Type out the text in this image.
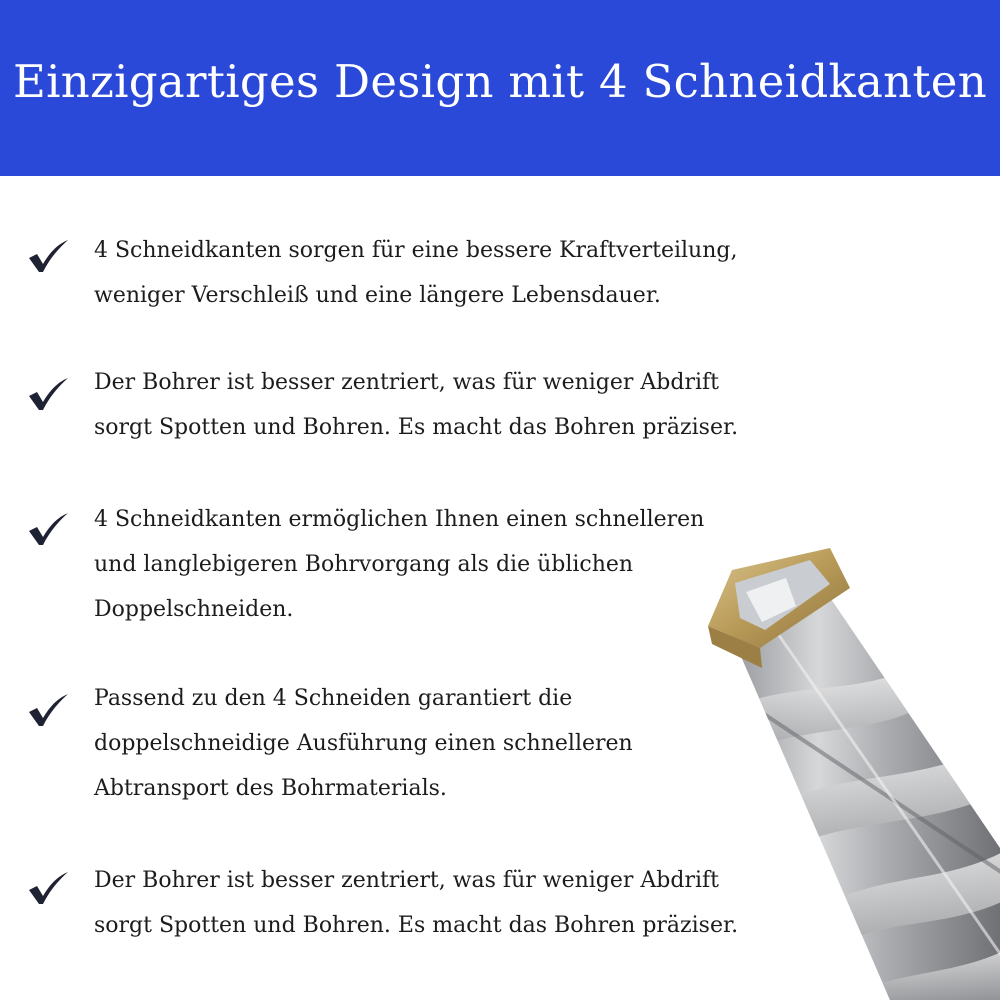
Einzigartiges Design mit 4 Schneidkanten
4 Schneidkanten sorgen für eine bessere Kraftverteilung,
weniger Verschleiß und eine längere Lebensdauer.
Der Bohrer ist besser zentriert, was für weniger Abdrift
sorgt Spotten und Bohren. Es macht das Bohren präziser.
4 Schneidkanten ermöglichen Ihnen einen schnelleren
und langlebigeren Bohrvorgang als die üblichen
Doppelschneiden.
Passend zu den 4 Schneiden garantiert die
doppelschneidige Ausführung einen schnelleren
Abtransport des Bohrmaterials.
Der Bohrer ist besser zentriert, was für weniger Abdrift
sorgt Spotten und Bohren. Es macht das Bohren präziser.
